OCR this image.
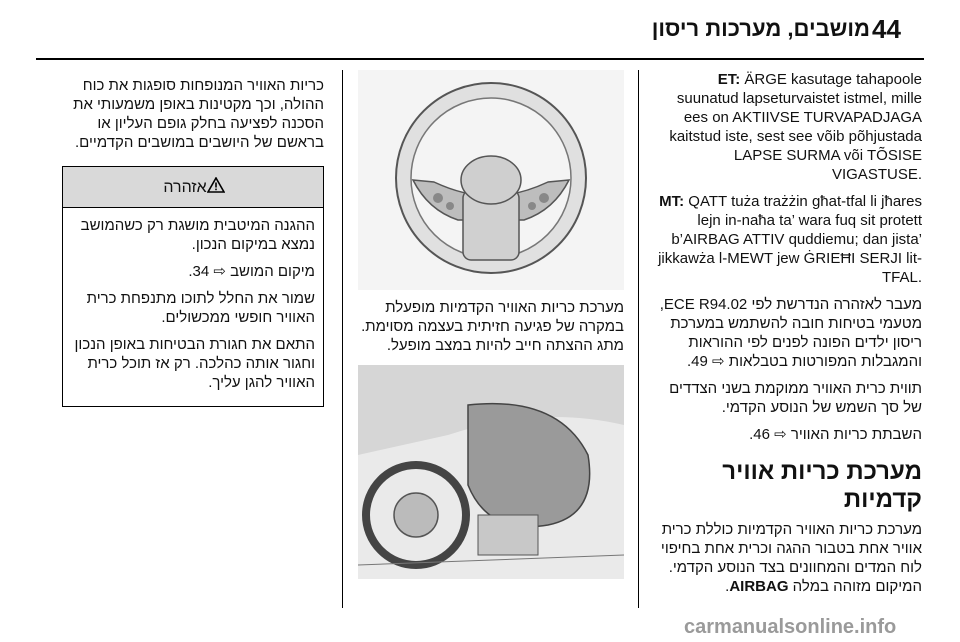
44
מושבים, מערכות ריסון

ET: ÄRGE kasutage tahapoole suunatud lapseturvaistet istmel, mille ees on AKTIIVSE TURVAPADJAGA kaitstud iste, sest see võib põhjustada LAPSE SURMA või TÕSISE VIGASTUSE.

MT: QATT tuża trażżin għat-tfal li jħares lejn in-naħa ta’ wara fuq sit protett b’AIRBAG ATTIV quddiemu; dan jista’ jikkawża l-MEWT jew ĠRIEĦI SERJI lit-TFAL.

מעבר לאזהרה הנדרשת לפי ECE R94.02, מטעמי בטיחות חובה להשתמש במערכת ריסון ילדים הפונה לפנים לפי ההוראות והמגבלות המפורטות בטבלאות ⇨ 49.

תווית כרית האוויר ממוקמת בשני הצדדים של סך השמש של הנוסע הקדמי.

השבתת כריות האוויר ⇨ 46.

מערכת כריות אוויר קדמיות

מערכת כריות האוויר הקדמיות כוללת כרית אוויר אחת בטבור ההגה וכרית אחת בחיפוי לוח המדים והמחוונים בצד הנוסע הקדמי. המיקום מזוהה במלה AIRBAG.

מערכת כריות האוויר הקדמיות מופעלת במקרה של פגיעה חזיתית בעצמה מסוימת. מתג ההצתה חייב להיות במצב מופעל.

כריות האוויר המנופחות סופגות את כוח ההולה, וכך מקטינות באופן משמעותי את הסכנה לפציעה בחלק גופם העליון או בראשם של היושבים במושבים הקדמיים.

אזהרה

ההגנה המיטבית מושגת רק כשהמושב נמצא במיקום הנכון.

מיקום המושב ⇨ 34.

שמור את החלל לתוכו מתנפחת כרית האוויר חופשי ממכשולים.

התאם את חגורת הבטיחות באופן הנכון וחגור אותה כהלכה. רק אז תוכל כרית האוויר להגן עליך.

carmanualsonline.info
